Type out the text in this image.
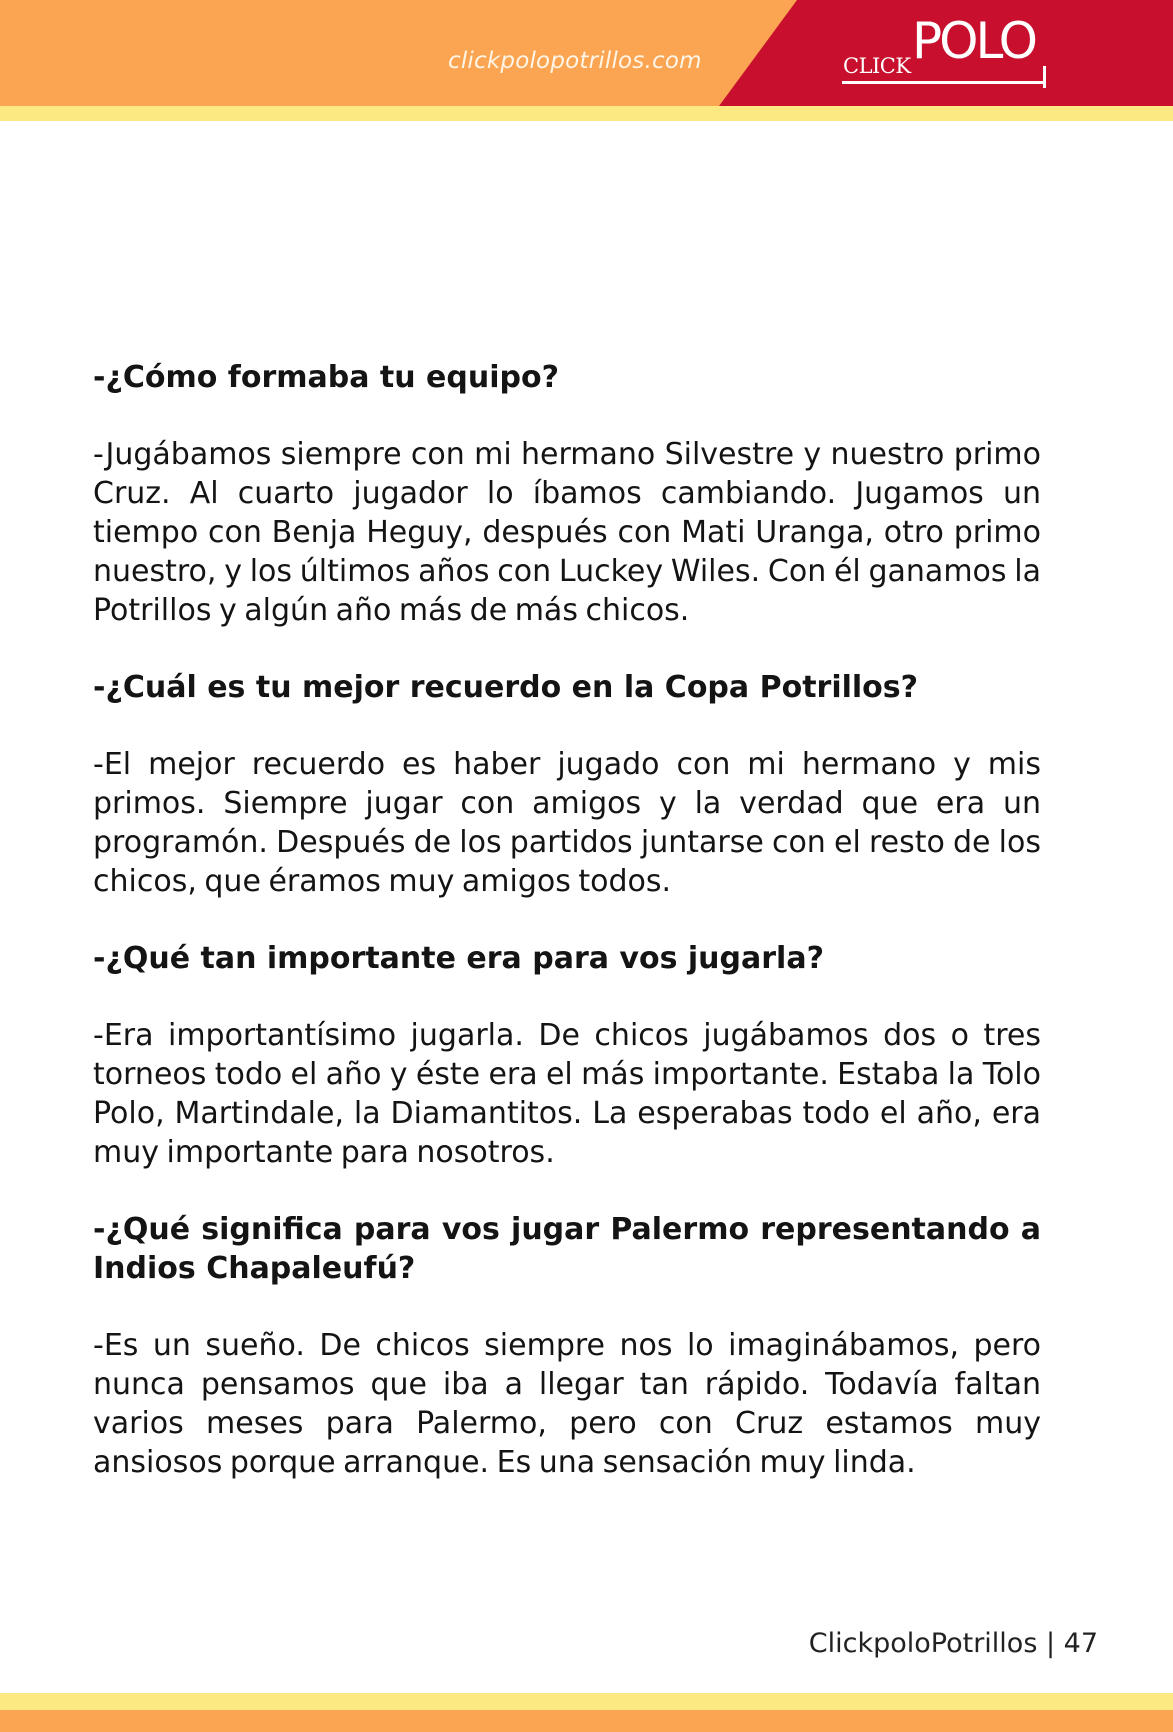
clickpolopotrillos.com	CLICK POLO

-¿Cómo formaba tu equipo?

-Jugábamos siempre con mi hermano Silvestre y nuestro primo Cruz. Al cuarto jugador lo íbamos cambiando. Jugamos un tiempo con Benja Heguy, después con Mati Uranga, otro primo nuestro, y los últimos años con Luckey Wiles. Con él ganamos la Potrillos y algún año más de más chicos.

-¿Cuál es tu mejor recuerdo en la Copa Potrillos?

-El mejor recuerdo es haber jugado con mi hermano y mis primos. Siempre jugar con amigos y la verdad que era un programón. Después de los partidos juntarse con el resto de los chicos, que éramos muy amigos todos.

-¿Qué tan importante era para vos jugarla?

-Era importantísimo jugarla. De chicos jugábamos dos o tres torneos todo el año y éste era el más importante. Estaba la Tolo Polo, Martindale, la Diamantitos. La esperabas todo el año, era muy importante para nosotros.

-¿Qué significa para vos jugar Palermo representando a Indios Chapaleufú?

-Es un sueño. De chicos siempre nos lo imaginábamos, pero nunca pensamos que iba a llegar tan rápido. Todavía faltan varios meses para Palermo, pero con Cruz estamos muy ansiosos porque arranque. Es una sensación muy linda.

ClickpoloPotrillos | 47
